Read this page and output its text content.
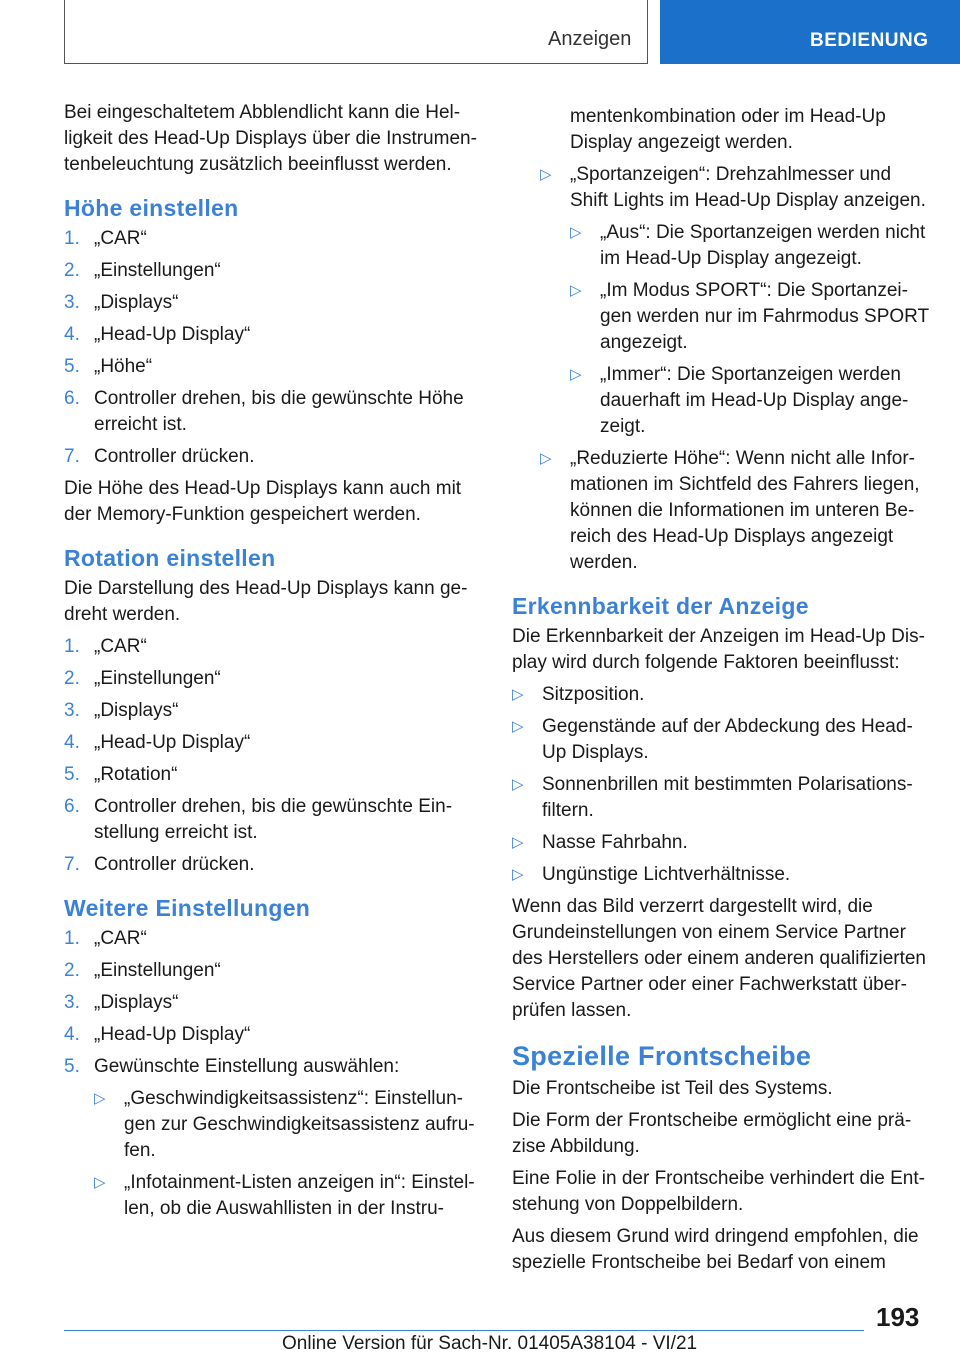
Anzeigen	BEDIENUNG

Bei eingeschaltetem Abblendlicht kann die Hel-ligkeit des Head-Up Displays über die Instrumen-tenbeleuchtung zusätzlich beeinflusst werden.

Höhe einstellen
1. „CAR“
2. „Einstellungen“
3. „Displays“
4. „Head-Up Display“
5. „Höhe“
6. Controller drehen, bis die gewünschte Höhe erreicht ist.
7. Controller drücken.

Die Höhe des Head-Up Displays kann auch mit der Memory-Funktion gespeichert werden.

Rotation einstellen

Die Darstellung des Head-Up Displays kann ge-dreht werden.

1. „CAR“
2. „Einstellungen“
3. „Displays“
4. „Head-Up Display“
5. „Rotation“
6. Controller drehen, bis die gewünschte Ein-stellung erreicht ist.
7. Controller drücken.
Weitere Einstellungen
1. „CAR“
2. „Einstellungen“
3. „Displays“
4. „Head-Up Display“
5. Gewünschte Einstellung auswählen:
▷ „Geschwindigkeitsassistenz“: Einstellun-gen zur Geschwindigkeitsassistenz aufru-fen.
▷ „Infotainment-Listen anzeigen in“: Einstel-len, ob die Auswahllisten in der Instru-
mentenkombination oder im Head-Up Display angezeigt werden.
▷ „Sportanzeigen“: Drehzahlmesser und Shift Lights im Head-Up Display anzeigen.
▷ „Aus“: Die Sportanzeigen werden nicht im Head-Up Display angezeigt.
▷ „Im Modus SPORT“: Die Sportanzei-gen werden nur im Fahrmodus SPORT angezeigt.
▷ „Immer“: Die Sportanzeigen werden dauerhaft im Head-Up Display ange-zeigt.
▷ „Reduzierte Höhe“: Wenn nicht alle Infor-mationen im Sichtfeld des Fahrers liegen, können die Informationen im unteren Be-reich des Head-Up Displays angezeigt werden.
Erkennbarkeit der Anzeige

Die Erkennbarkeit der Anzeigen im Head-Up Dis-play wird durch folgende Faktoren beeinflusst:

▷ Sitzposition.
▷ Gegenstände auf der Abdeckung des Head-Up Displays.
▷ Sonnenbrillen mit bestimmten Polarisations-filtern.
▷ Nasse Fahrbahn.
▷ Ungünstige Lichtverhältnisse.

Wenn das Bild verzerrt dargestellt wird, die Grundeinstellungen von einem Service Partner des Herstellers oder einem anderen qualifizierten Service Partner oder einer Fachwerkstatt über-prüfen lassen.

Spezielle Frontscheibe

Die Frontscheibe ist Teil des Systems.

Die Form der Frontscheibe ermöglicht eine prä-zise Abbildung.

Eine Folie in der Frontscheibe verhindert die Ent-stehung von Doppelbildern.

Aus diesem Grund wird dringend empfohlen, die spezielle Frontscheibe bei Bedarf von einem

193
Online Version für Sach-Nr. 01405A38104 - VI/21
